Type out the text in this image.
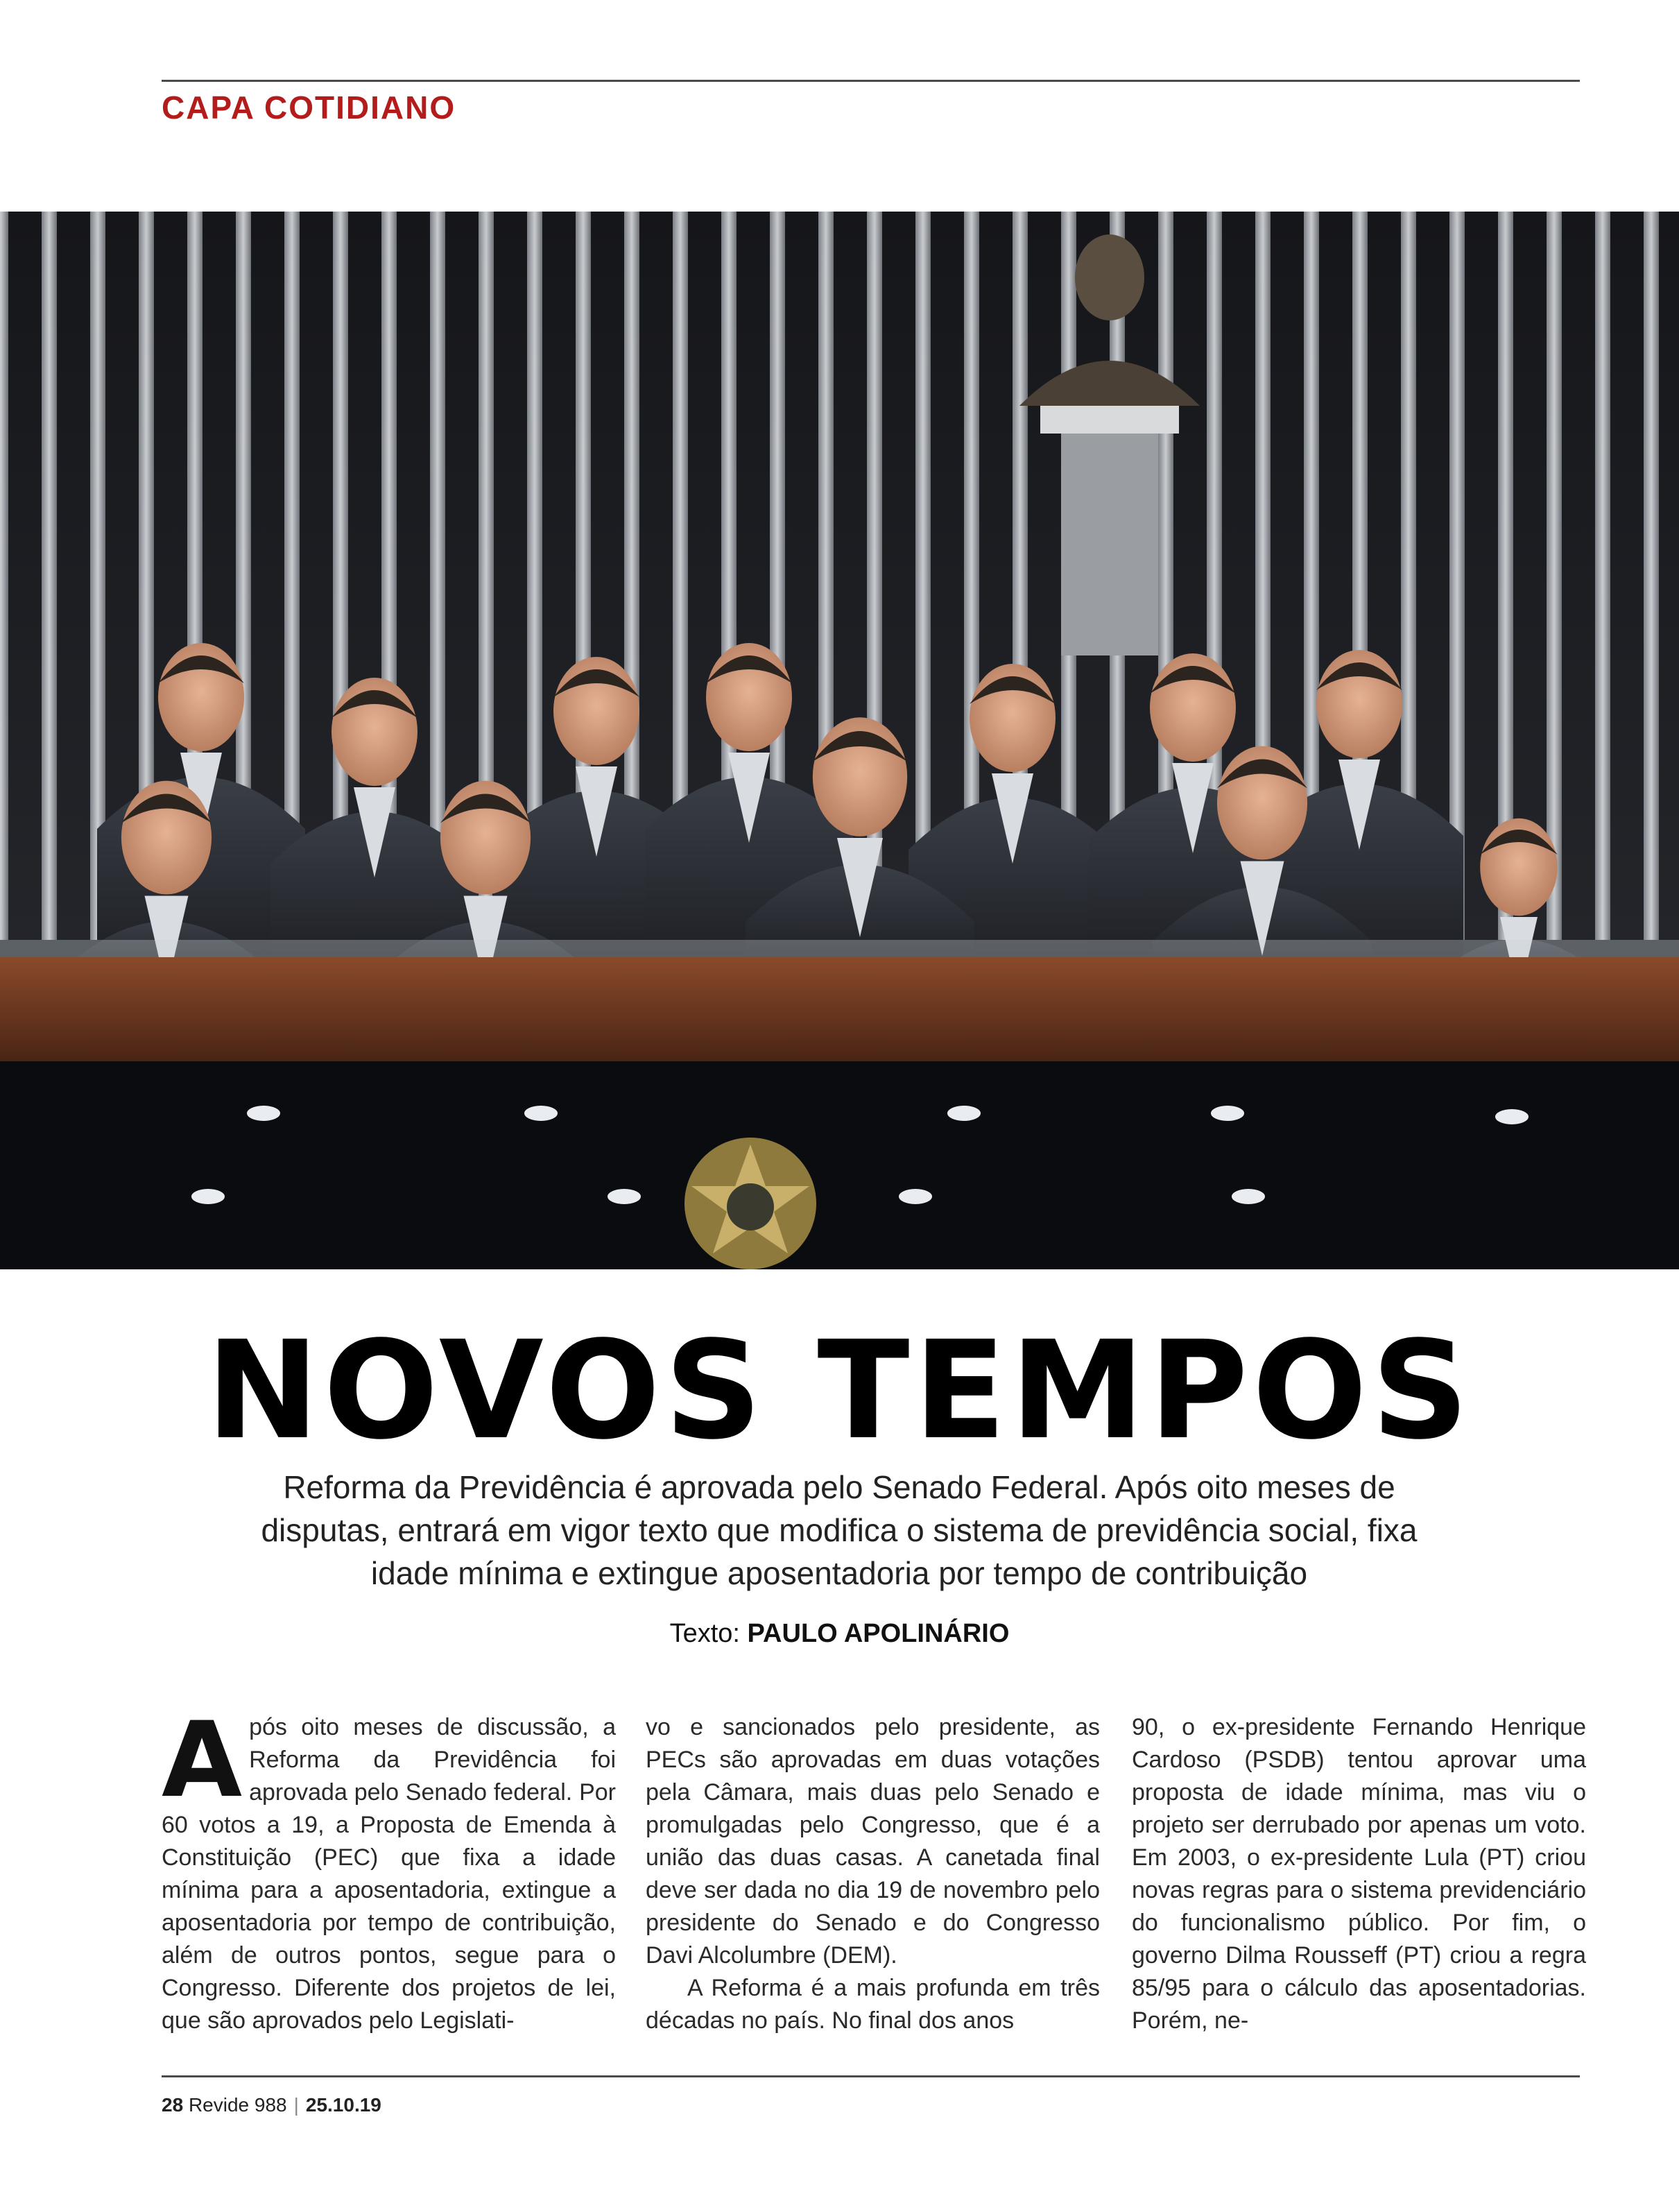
CAPA COTIDIANO
NOVOS TEMPOS
Reforma da Previdência é aprovada pelo Senado Federal. Após oito meses de disputas, entrará em vigor texto que modifica o sistema de previdência social, fixa idade mínima e extingue aposentadoria por tempo de contribuição
Texto: PAULO APOLINÁRIO
A pós oito meses de discussão, a Reforma da Previdência foi aprovada pelo Senado federal. Por 60 votos a 19, a Proposta de Emenda à Constituição (PEC) que fixa a idade mínima para a aposentadoria, extingue a aposentadoria por tempo de contribuição, além de outros pontos, segue para o Congresso. Diferente dos projetos de lei, que são aprovados pelo Legislati-

vo e sancionados pelo presidente, as PECs são aprovadas em duas votações pela Câmara, mais duas pelo Senado e promulgadas pelo Congresso, que é a união das duas casas. A canetada final deve ser dada no dia 19 de novembro pelo presidente do Senado e do Congresso Davi Alcolumbre (DEM).

A Reforma é a mais profunda em três décadas no país. No final dos anos

90, o ex-presidente Fernando Henrique Cardoso (PSDB) tentou aprovar uma proposta de idade mínima, mas viu o projeto ser derrubado por apenas um voto. Em 2003, o ex-presidente Lula (PT) criou novas regras para o sistema previdenciário do funcionalismo público. Por fim, o governo Dilma Rousseff (PT) criou a regra 85/95 para o cálculo das aposentadorias. Porém, ne-

28 Revide 988 | 25.10.19
